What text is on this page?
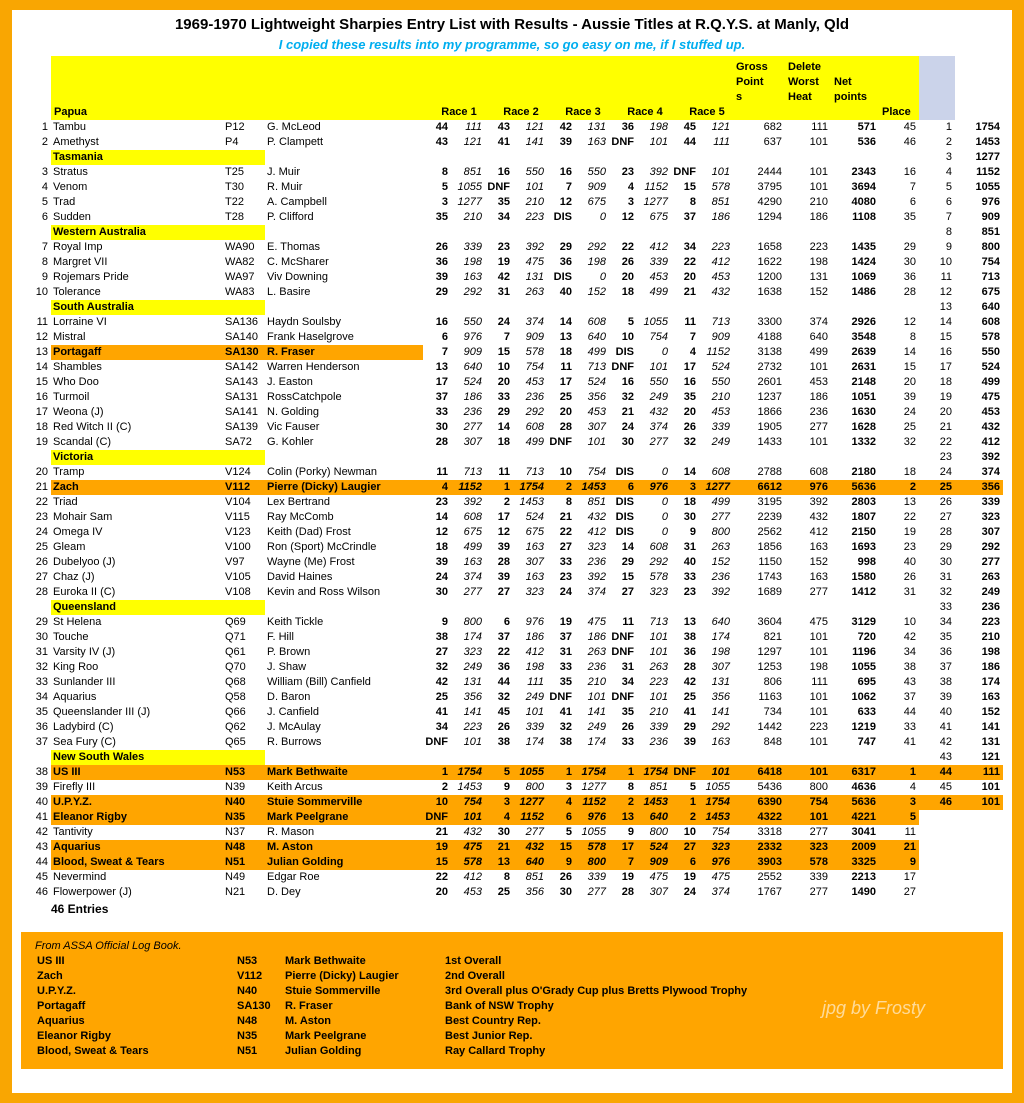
1969-1970 Lightweight Sharpies Entry List with Results - Aussie Titles at R.Q.Y.S. at Manly, Qld
I copied these results into my programme, so go easy on me, if I stuffed up.
Gross	Delete
Point	Worst	Net
s	Heat	points
Papua	Race 1	Race 2	Race 3	Race 4	Race 5	Place
1 Tambu	P12	G. McLeod	44	111	43	121	42	131	36	198	45	121	682	111	571	45	1	1754
2 Amethyst	P4	P. Clampett	43	121	41	141	39	163 DNF	101	44	111	637	101	536	46	2	1453
Tasmania	3	1277
3 Stratus	T25	J. Muir	8	851	16	550	16	550	23	392 DNF	101	2444	101	2343	16	4	1152
4 Venom	T30	R. Muir	5 1055 DNF	101	7	909	4 1152	15	578	3795	101	3694	7	5	1055
5 Trad	T22	A. Campbell	3 1277	35	210	12	675	3 1277	8	851	4290	210	4080	6	6	976
6 Sudden	T28	P. Clifford	35	210	34	223 DIS	0	12	675	37	186	1294	186	1108	35	7	909
Western Australia	8	851
7 Royal Imp	WA90	E. Thomas	26	339	23	392	29	292	22	412	34	223	1658	223	1435	29	9	800
8 Margret VII	WA82	C. McSharer	36	198	19	475	36	198	26	339	22	412	1622	198	1424	30	10	754
9 Rojemars Pride	WA97	Viv Downing	39	163	42	131 DIS	0	20	453	20	453	1200	131	1069	36	11	713
10 Tolerance	WA83	L. Basire	29	292	31	263	40	152	18	499	21	432	1638	152	1486	28	12	675
South Australia	13	640
11 Lorraine VI	SA136 Haydn Soulsby	16	550	24	374	14	608	5 1055	11	713	3300	374	2926	12	14	608
12 Mistral	SA140 Frank Haselgrove	6	976	7	909	13	640	10	754	7	909	4188	640	3548	8	15	578
13 Portagaff	SA130 R. Fraser	7	909	15	578	18	499 DIS	0	4 1152	3138	499	2639	14	16	550
14 Shambles	SA142 Warren Henderson	13	640	10	754	11	713 DNF	101	17	524	2732	101	2631	15	17	524
15 Who Doo	SA143 J. Easton	17	524	20	453	17	524	16	550	16	550	2601	453	2148	20	18	499
16 Turmoil	SA131 RossCatchpole	37	186	33	236	25	356	32	249	35	210	1237	186	1051	39	19	475
17 Weona (J)	SA141 N. Golding	33	236	29	292	20	453	21	432	20	453	1866	236	1630	24	20	453
18 Red Witch II (C)	SA139 Vic Fauser	30	277	14	608	28	307	24	374	26	339	1905	277	1628	25	21	432
19 Scandal (C)	SA72	G. Kohler	28	307	18	499 DNF	101	30	277	32	249	1433	101	1332	32	22	412
Victoria	23	392
20 Tramp	V124	Colin (Porky) Newman	11	713	11	713	10	754 DIS	0	14	608	2788	608	2180	18	24	374
21 Zach	V112	Pierre (Dicky) Laugier	4 1152	1 1754	2 1453	6	976	3 1277	6612	976	5636	2	25	356
22 Triad	V104	Lex Bertrand	23	392	2 1453	8	851 DIS	0	18	499	3195	392	2803	13	26	339
23 Mohair Sam	V115	Ray McComb	14	608	17	524	21	432 DIS	0	30	277	2239	432	1807	22	27	323
24 Omega IV	V123	Keith (Dad) Frost	12	675	12	675	22	412 DIS	0	9	800	2562	412	2150	19	28	307
25 Gleam	V100	Ron (Sport) McCrindle	18	499	39	163	27	323	14	608	31	263	1856	163	1693	23	29	292
26 Dubelyoo (J)	V97	Wayne (Me) Frost	39	163	28	307	33	236	29	292	40	152	1150	152	998	40	30	277
27 Chaz (J)	V105	David Haines	24	374	39	163	23	392	15	578	33	236	1743	163	1580	26	31	263
28 Euroka II (C)	V108	Kevin and Ross Wilson	30	277	27	323	24	374	27	323	23	392	1689	277	1412	31	32	249
Queensland	33	236
29 St Helena	Q69	Keith Tickle	9	800	6	976	19	475	11	713	13	640	3604	475	3129	10	34	223
30 Touche	Q71	F. Hill	38	174	37	186	37	186 DNF	101	38	174	821	101	720	42	35	210
31 Varsity IV (J)	Q61	P. Brown	27	323	22	412	31	263 DNF	101	36	198	1297	101	1196	34	36	198
32 King Roo	Q70	J. Shaw	32	249	36	198	33	236	31	263	28	307	1253	198	1055	38	37	186
33 Sunlander III	Q68	William (Bill) Canfield	42	131	44	111	35	210	34	223	42	131	806	111	695	43	38	174
34 Aquarius	Q58	D. Baron	25	356	32	249 DNF	101 DNF	101	25	356	1163	101	1062	37	39	163
35 Queenslander III (J)	Q66	J. Canfield	41	141	45	101	41	141	35	210	41	141	734	101	633	44	40	152
36 Ladybird (C)	Q62	J. McAulay	34	223	26	339	32	249	26	339	29	292	1442	223	1219	33	41	141
37 Sea Fury (C)	Q65	R. Burrows	DNF	101	38	174	38	174	33	236	39	163	848	101	747	41	42	131
New South Wales	43	121
38 US III	N53	Mark Bethwaite	1 1754	5 1055	1 1754	1 1754 DNF	101	6418	101	6317	1	44	111
39 Firefly III	N39	Keith Arcus	2 1453	9	800	3 1277	8	851	5 1055	5436	800	4636	4	45	101
40 U.P.Y.Z.	N40	Stuie Sommerville	10	754	3 1277	4 1152	2 1453	1 1754	6390	754	5636	3	46	101
41 Eleanor Rigby	N35	Mark Peelgrane	DNF	101	4 1152	6	976	13	640	2 1453	4322	101	4221	5
42 Tantivity	N37	R. Mason	21	432	30	277	5 1055	9	800	10	754	3318	277	3041	11
43 Aquarius	N48	M. Aston	19	475	21	432	15	578	17	524	27	323	2332	323	2009	21
44 Blood, Sweat & Tears	N51	Julian Golding	15	578	13	640	9	800	7	909	6	976	3903	578	3325	9
45 Nevermind	N49	Edgar Roe	22	412	8	851	26	339	19	475	19	475	2552	339	2213	17
46 Flowerpower (J)	N21	D. Dey	20	453	25	356	30	277	28	307	24	374	1767	277	1490	27
46 Entries
From ASSA Official Log Book.
US III	N53	Mark Bethwaite	1st Overall
Zach	V112	Pierre (Dicky) Laugier	2nd Overall
U.P.Y.Z.	N40	Stuie Sommerville	3rd Overall plus O'Grady Cup plus Bretts Plywood Trophy
Portagaff	SA130	R. Fraser	Bank of NSW Trophy
Aquarius	N48	M. Aston	Best Country Rep.
Eleanor Rigby	N35	Mark Peelgrane	Best Junior Rep.
Blood, Sweat & Tears	N51	Julian Golding	Ray Callard Trophy
jpg by Frosty
